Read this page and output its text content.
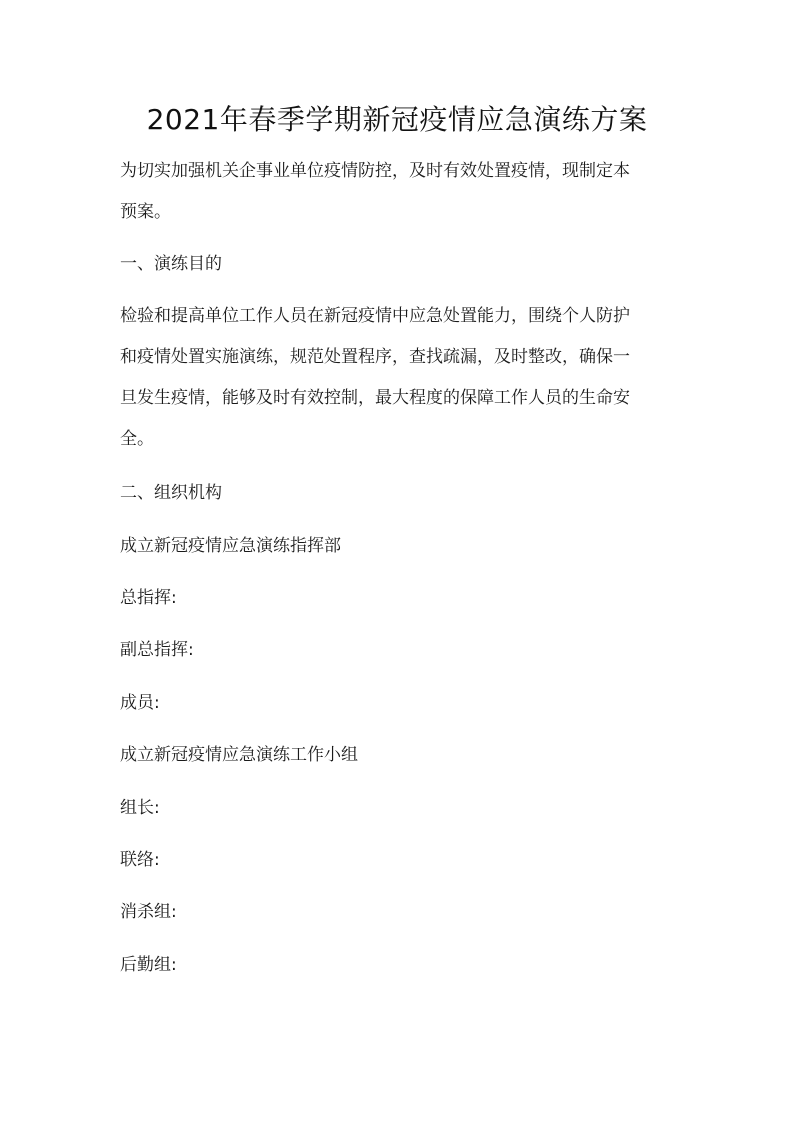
2021年春季学期新冠疫情应急演练方案
为切实加强机关企事业单位疫情防控，及时有效处置疫情，现制定本
预案。
一、演练目的
检验和提高单位工作人员在新冠疫情中应急处置能力，围绕个人防护
和疫情处置实施演练，规范处置程序，查找疏漏，及时整改，确保一
旦发生疫情，能够及时有效控制，最大程度的保障工作人员的生命安
全。
二、组织机构
成立新冠疫情应急演练指挥部
总指挥:
副总指挥:
成员:
成立新冠疫情应急演练工作小组
组长:
联络:
消杀组:
后勤组:
